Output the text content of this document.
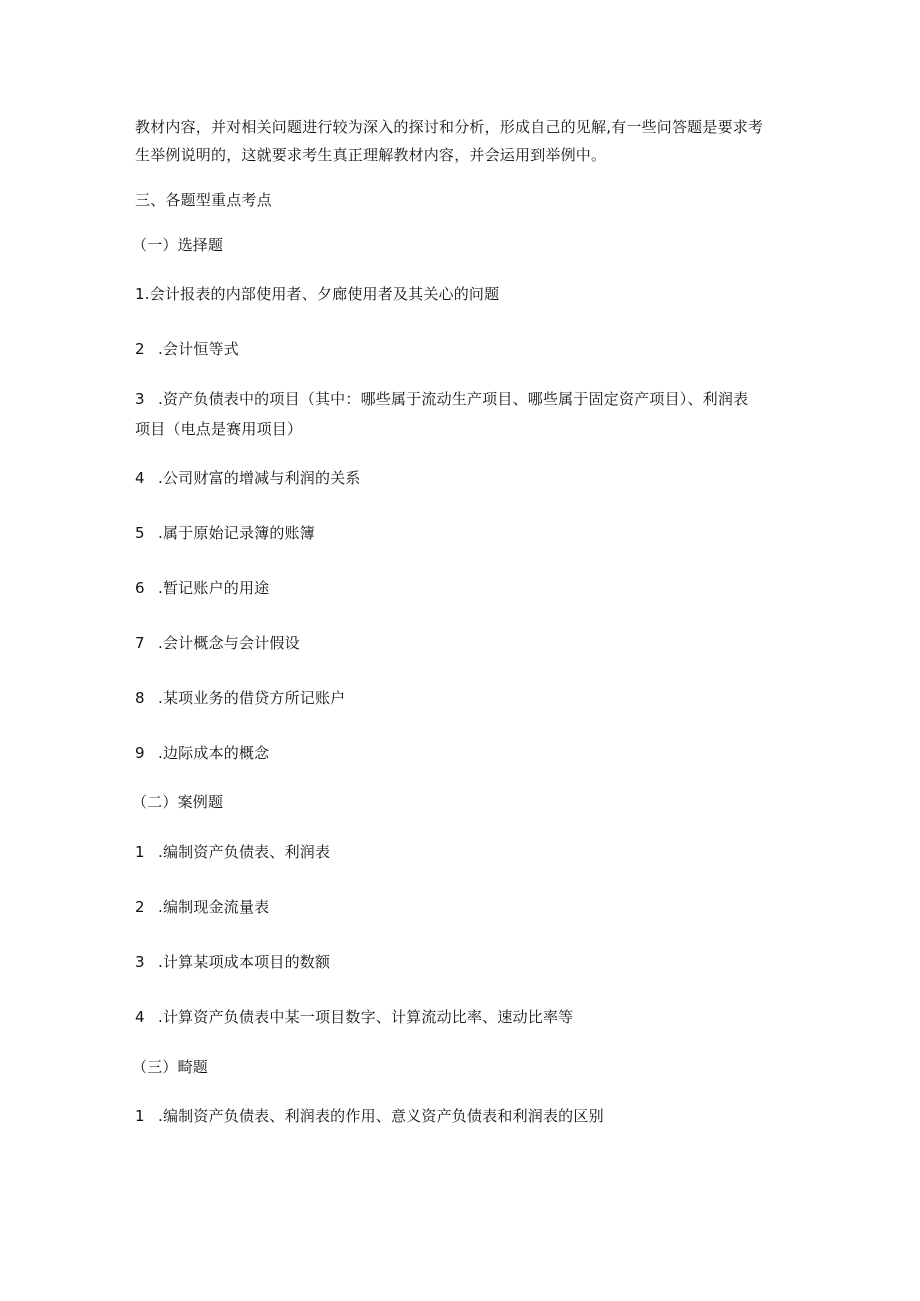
教材内容，并对相关问题进行较为深入的探讨和分析，形成自己的见解,有一些问答题是要求考
生举例说明的，这就要求考生真正理解教材内容，并会运用到举例中。
三、各题型重点考点
（一）选择题
1.会计报表的内部使用者、夕廊使用者及其关心的问题
2 .会计恒等式
3 .资产负债表中的项目（其中：哪些属于流动生产项目、哪些属于固定资产项目）、利润表
项目（电点是赛用项目）
4 .公司财富的增减与利润的关系
5 .属于原始记录簿的账簿
6 .暂记账户的用途
7 .会计概念与会计假设
8 .某项业务的借贷方所记账户
9 .边际成本的概念
（二）案例题
1 .编制资产负债表、利润表
2 .编制现金流量表
3 .计算某项成本项目的数额
4 .计算资产负债表中某一项目数字、计算流动比率、速动比率等
（三）畸题
1 .编制资产负债表、利润表的作用、意义资产负债表和利润表的区别
